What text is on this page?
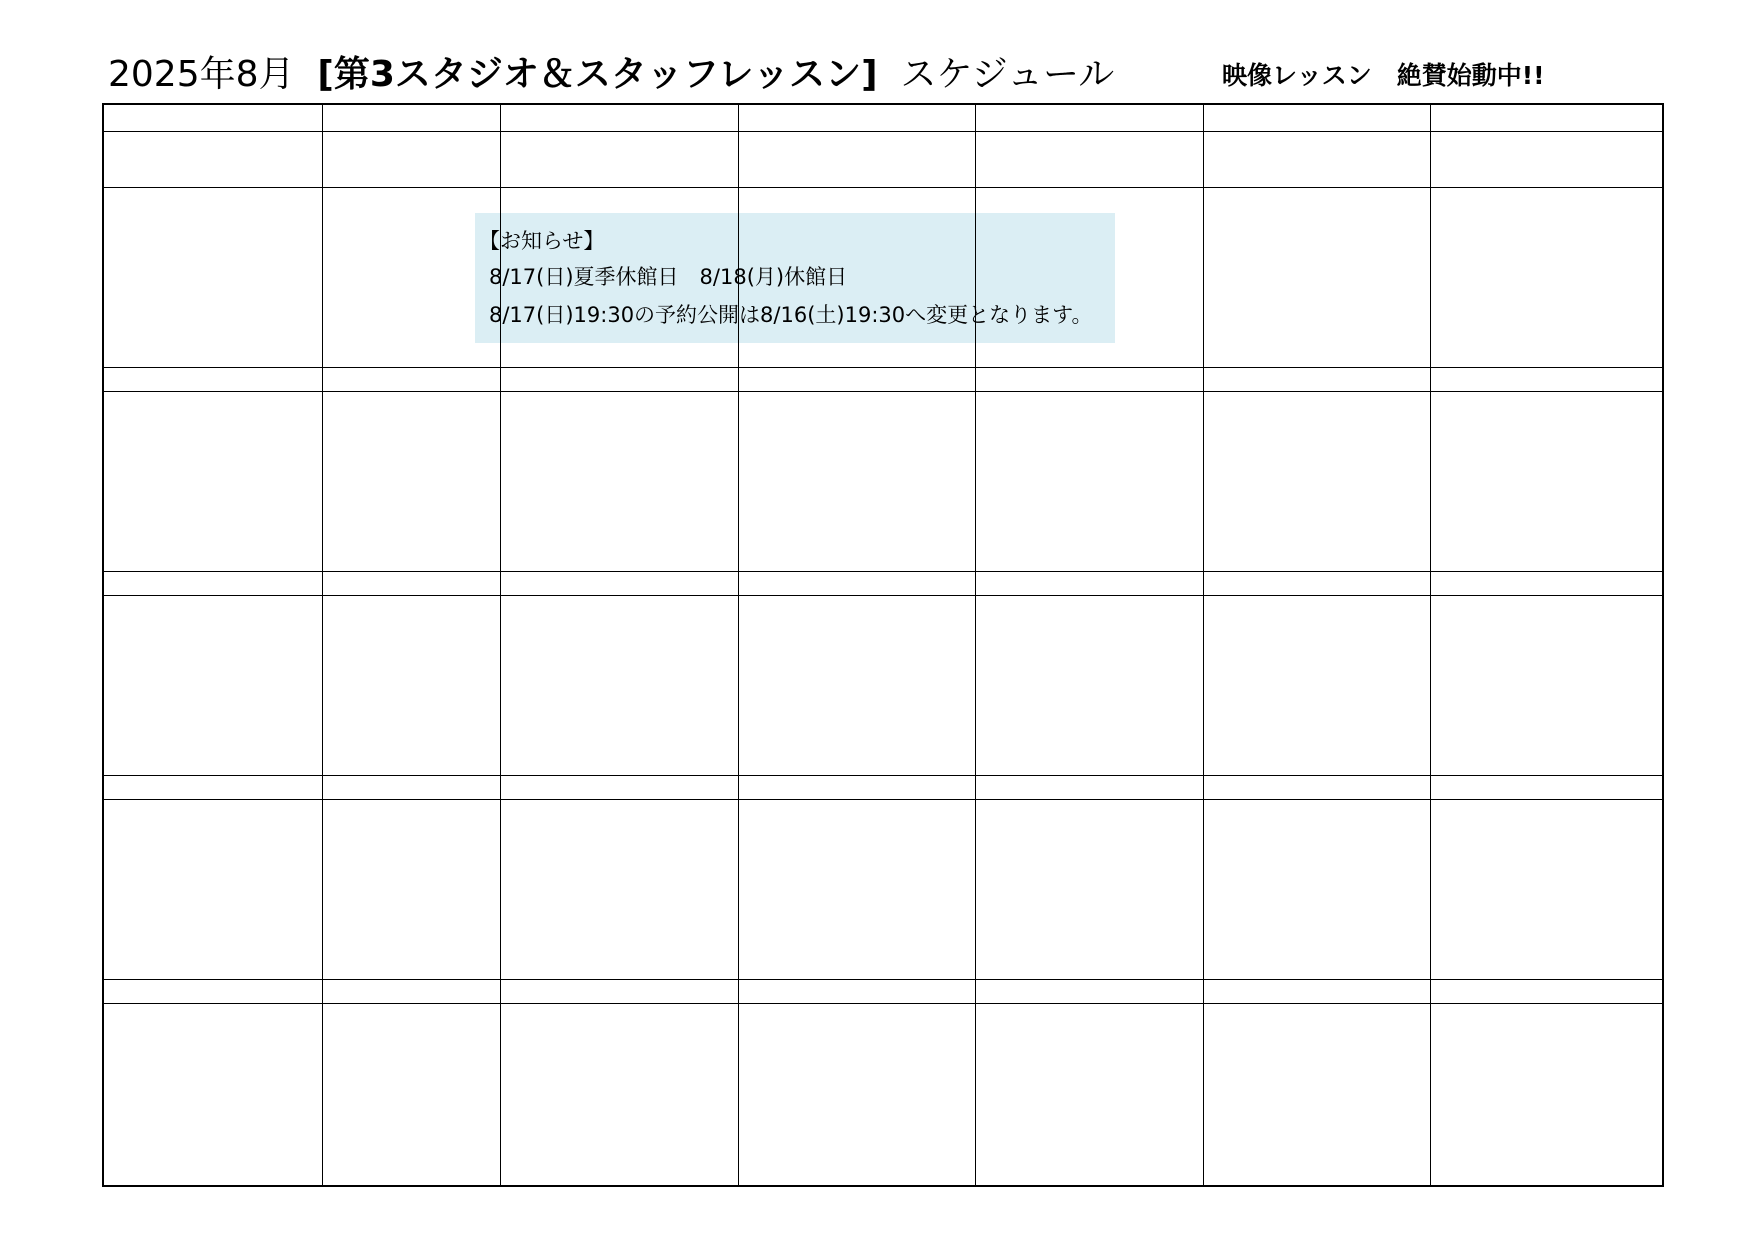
2025年8月 [第3スタジオ＆スタッフレッスン] スケジュール	映像レッスン　絶賛始動中!!
【お知らせ】
8/17(日)夏季休館日　8/18(月)休館日
8/17(日)19:30の予約公開は8/16(土)19:30へ変更となります。
